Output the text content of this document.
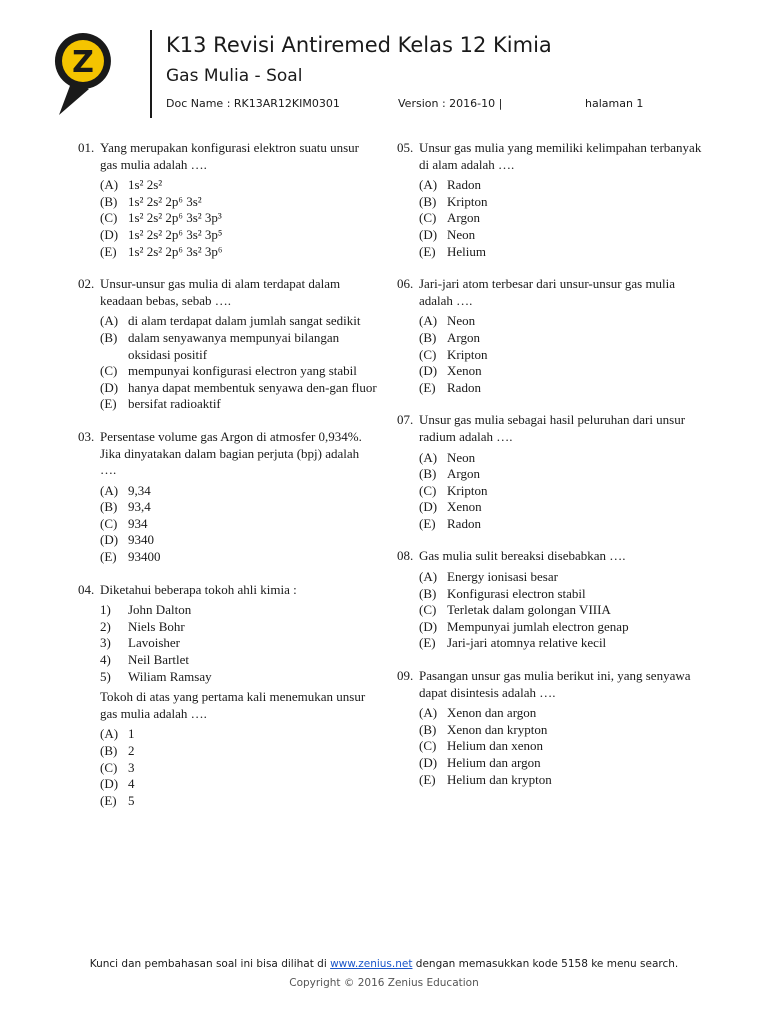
Z	K13 Revisi Antiremed Kelas 12 Kimia
Gas Mulia - Soal
Doc Name : RK13AR12KIM0301	Version : 2016-10 |	halaman 1
01. Yang merupakan konfigurasi elektron suatu unsur gas mulia adalah ….
(A) 1s² 2s²
(B) 1s² 2s² 2p⁶ 3s²
(C) 1s² 2s² 2p⁶ 3s² 3p³
(D) 1s² 2s² 2p⁶ 3s² 3p⁵
(E) 1s² 2s² 2p⁶ 3s² 3p⁶
02. Unsur-unsur gas mulia di alam terdapat dalam keadaan bebas, sebab ….
(A) di alam terdapat dalam jumlah sangat sedikit
(B) dalam senyawanya mempunyai bilangan oksidasi positif
(C) mempunyai konfigurasi electron yang stabil
(D) hanya dapat membentuk senyawa den-gan fluor
(E) bersifat radioaktif
03. Persentase volume gas Argon di atmosfer 0,934%. Jika dinyatakan dalam bagian perjuta (bpj) adalah ….
(A) 9,34
(B) 93,4
(C) 934
(D) 9340
(E) 93400
04. Diketahui beberapa tokoh ahli kimia :
1)	John Dalton
2)	Niels Bohr
3)	Lavoisher
4)	Neil Bartlet
5)	Wiliam Ramsay
Tokoh di atas yang pertama kali menemukan unsur gas mulia adalah ….
(A) 1
(B) 2
(C) 3
(D) 4
(E) 5
05. Unsur gas mulia yang memiliki kelimpahan terbanyak di alam adalah ….
(A) Radon
(B) Kripton
(C) Argon
(D) Neon
(E) Helium
06. Jari-jari atom terbesar dari unsur-unsur gas mulia adalah ….
(A) Neon
(B) Argon
(C) Kripton
(D) Xenon
(E) Radon
07. Unsur gas mulia sebagai hasil peluruhan dari unsur radium adalah ….
(A) Neon
(B) Argon
(C) Kripton
(D) Xenon
(E) Radon
08. Gas mulia sulit bereaksi disebabkan ….
(A) Energy ionisasi besar
(B) Konfigurasi electron stabil
(C) Terletak dalam golongan VIIIA
(D) Mempunyai jumlah electron genap
(E) Jari-jari atomnya relative kecil
09. Pasangan unsur gas mulia berikut ini, yang senyawa dapat disintesis adalah ….
(A) Xenon dan argon
(B) Xenon dan krypton
(C) Helium dan xenon
(D) Helium dan argon
(E) Helium dan krypton
Kunci dan pembahasan soal ini bisa dilihat di www.zenius.net dengan memasukkan kode 5158 ke menu search.
Copyright © 2016 Zenius Education
